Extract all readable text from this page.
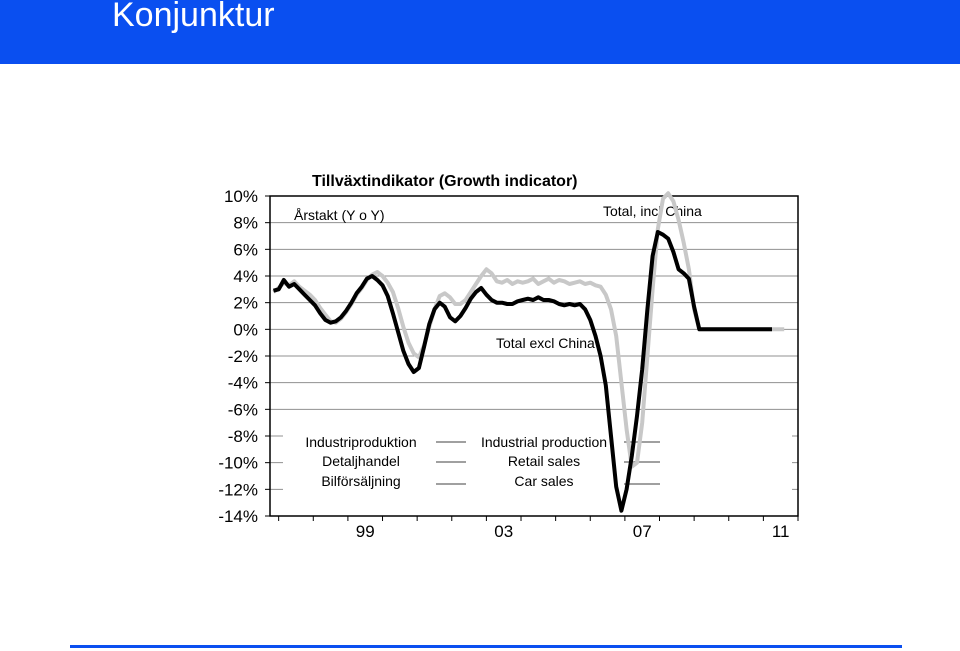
Konjunktur
10%
8%
6%
4%
2%
0%
-2%
-4%
-6%
-8%
-10%
-12%
-14%
99	03	07	11
Tillväxtindikator (Growth indicator)
Årstakt (Y o Y)	Total, incl China
Total excl China
Industriproduktion
Detaljhandel
Bilförsäljning
Industrial production
Retail sales
Car sales
